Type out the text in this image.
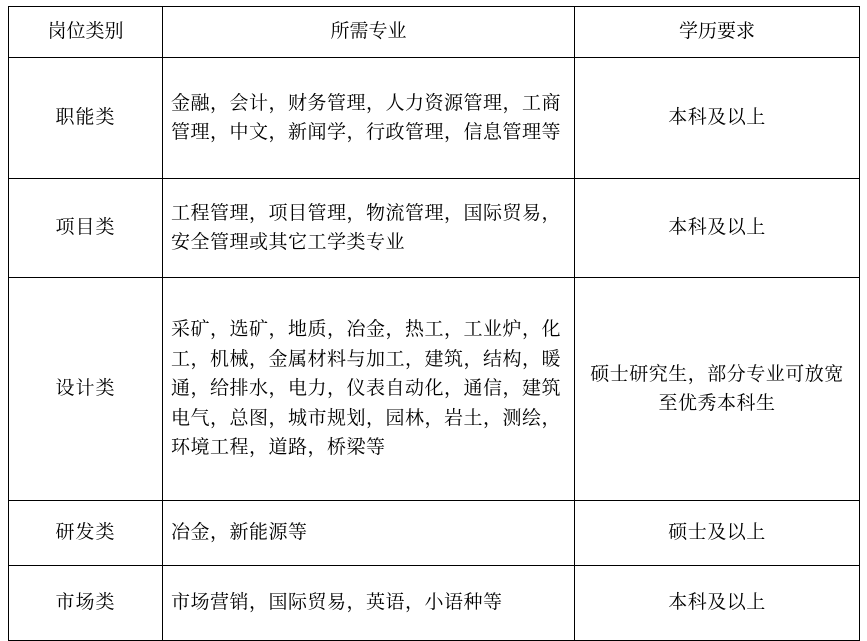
岗位类别	所需专业	学历要求
职能类	金融，会计，财务管理，人力资源管理，工商管理，中文，新闻学，行政管理，信息管理等	本科及以上
项目类	工程管理，项目管理，物流管理，国际贸易，安全管理或其它工学类专业	本科及以上
设计类	采矿，选矿，地质，冶金，热工，工业炉，化工，机械，金属材料与加工，建筑，结构，暖通，给排水，电力，仪表自动化，通信，建筑电气，总图，城市规划，园林，岩土，测绘，环境工程，道路，桥梁等	硕士研究生，部分专业可放宽至优秀本科生
研发类	冶金，新能源等	硕士及以上
市场类	市场营销，国际贸易，英语，小语种等	本科及以上
